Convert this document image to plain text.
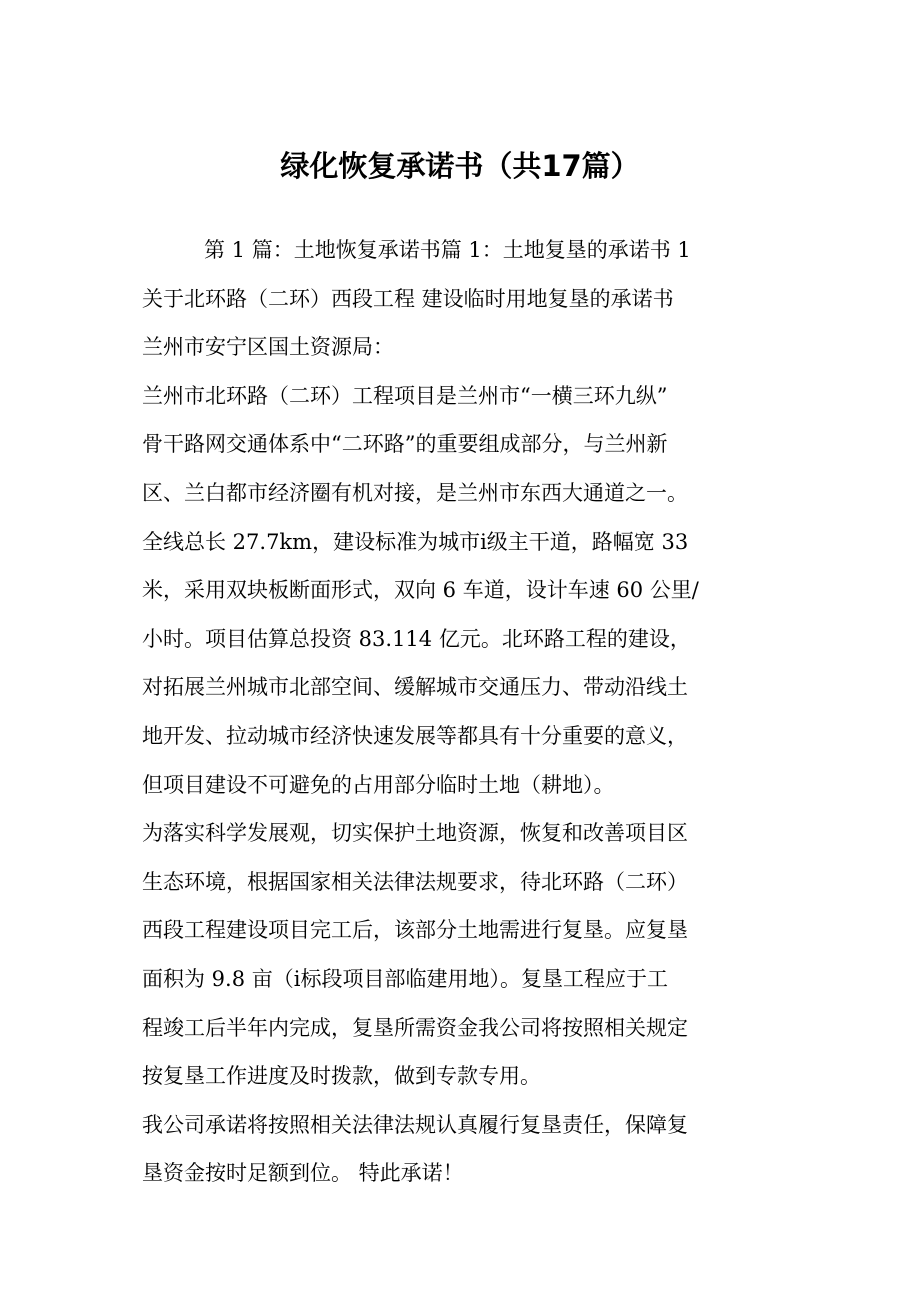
绿化恢复承诺书（共17篇）
第 1 篇：土地恢复承诺书篇 1：土地复垦的承诺书 1
关于北环路（二环）西段工程 建设临时用地复垦的承诺书
兰州市安宁区国土资源局：
兰州市北环路（二环）工程项目是兰州市“一横三环九纵”
骨干路网交通体系中“二环路”的重要组成部分，与兰州新
区、兰白都市经济圈有机对接，是兰州市东西大通道之一。
全线总长 27.7km，建设标准为城市ⅰ级主干道，路幅宽 33
米，采用双块板断面形式，双向 6 车道，设计车速 60 公里/
小时。项目估算总投资 83.114 亿元。北环路工程的建设，
对拓展兰州城市北部空间、缓解城市交通压力、带动沿线土
地开发、拉动城市经济快速发展等都具有十分重要的意义，
但项目建设不可避免的占用部分临时土地（耕地）。
为落实科学发展观，切实保护土地资源，恢复和改善项目区
生态环境，根据国家相关法律法规要求，待北环路（二环）
西段工程建设项目完工后，该部分土地需进行复垦。应复垦
面积为 9.8 亩（ⅰ标段项目部临建用地）。复垦工程应于工
程竣工后半年内完成，复垦所需资金我公司将按照相关规定
按复垦工作进度及时拨款，做到专款专用。
我公司承诺将按照相关法律法规认真履行复垦责任，保障复
垦资金按时足额到位。 特此承诺！
